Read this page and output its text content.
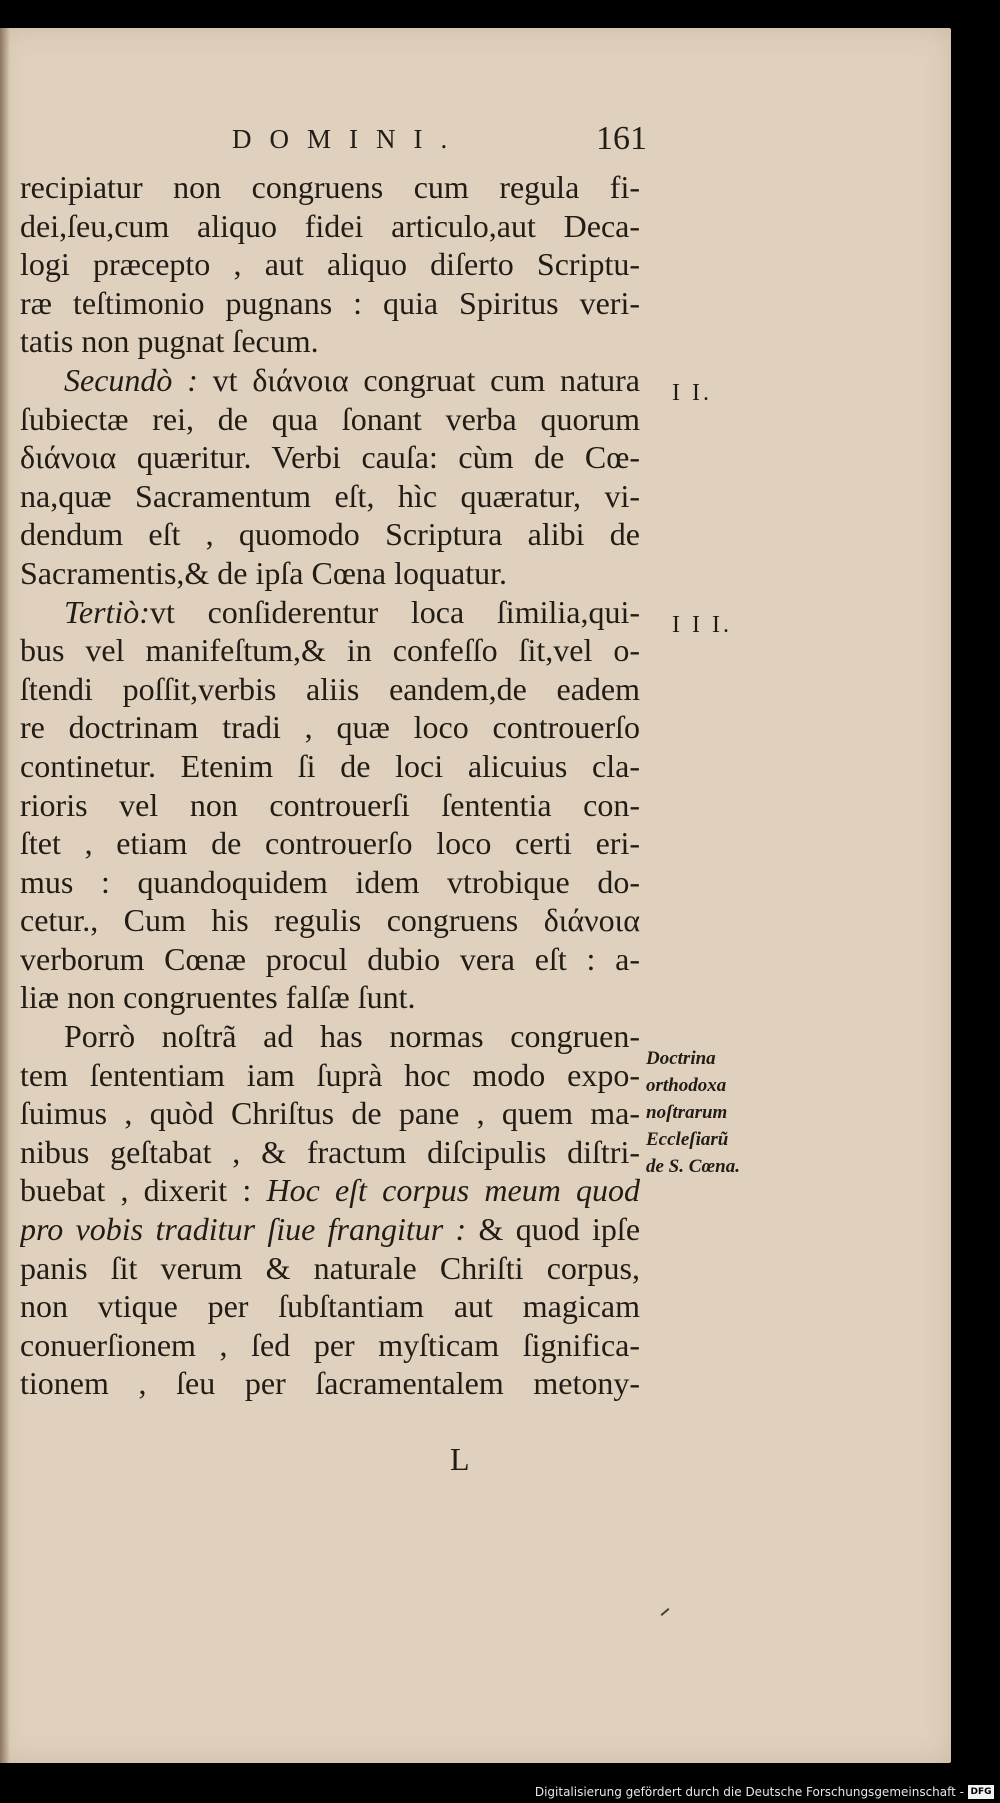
DOMINI.	161
recipiatur non congruens cum regula fi-
dei,ſeu,cum aliquo fidei articulo,aut Deca-
logi præcepto , aut aliquo diſerto Scriptu-
ræ teſtimonio pugnans : quia Spiritus veri-
tatis non pugnat ſecum.
Secundò : vt διάνοια congruat cum natura
ſubiectæ rei, de qua ſonant verba quorum
διάνοια quæritur. Verbi cauſa: cùm de Cœ-
na,quæ Sacramentum eſt, hìc quæratur, vi-
dendum eſt , quomodo Scriptura alibi de
Sacramentis,& de ipſa Cœna loquatur.
Tertiò:vt conſiderentur loca ſimilia,qui-
bus vel manifeſtum,& in confeſſo ſit,vel o-
ſtendi poſſit,verbis aliis eandem,de eadem
re doctrinam tradi , quæ loco controuerſo
continetur. Etenim ſi de loci alicuius cla-
rioris vel non controuerſi ſententia con-
ſtet , etiam de controuerſo loco certi eri-
mus : quandoquidem idem vtrobique do-
cetur., Cum his regulis congruens διάνοια
verborum Cœnæ procul dubio vera eſt : a-
liæ non congruentes falſæ ſunt.
Porrò noſtrã ad has normas congruen-
tem ſententiam iam ſuprà hoc modo expo-
ſuimus , quòd Chriſtus de pane , quem ma-
nibus geſtabat , & fractum diſcipulis diſtri-
buebat , dixerit : Hoc eſt corpus meum quod
pro vobis traditur ſiue frangitur : & quod ipſe
panis ſit verum & naturale Chriſti corpus,
non vtique per ſubſtantiam aut magicam
conuerſionem , ſed per myſticam ſignifica-
tionem , ſeu per ſacramentalem metony-
I I.
I I I.
Doctrina
orthodoxa
noſtrarum
Eccleſiarũ
de S. Cœna.
L
Digitalisierung gefördert durch die Deutsche Forschungsgemeinschaft - DFG
